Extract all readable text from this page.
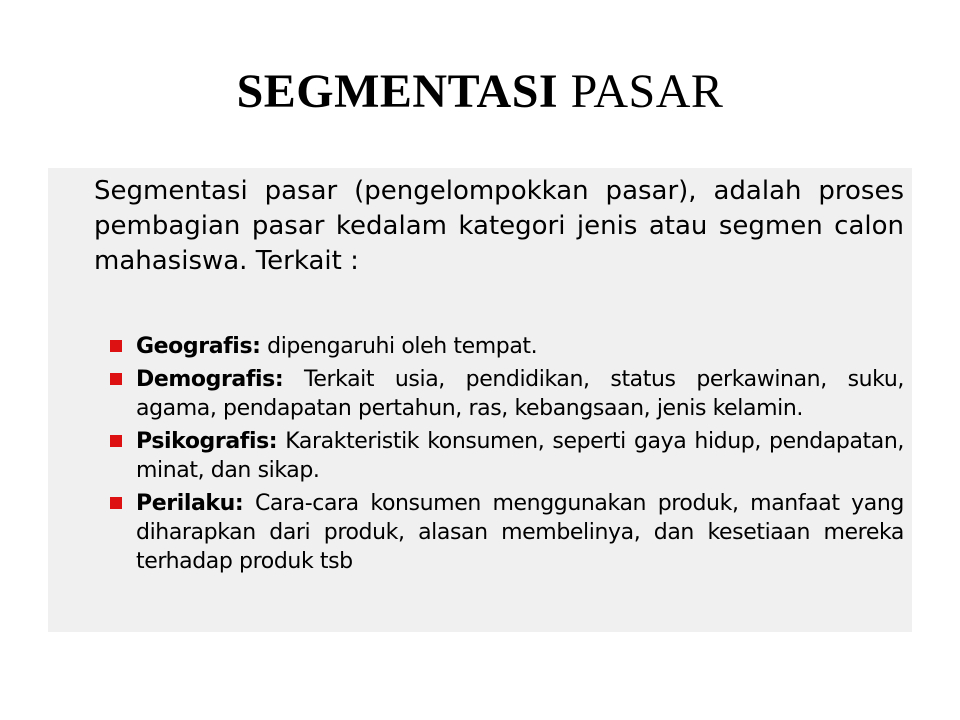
SEGMENTASI PASAR
Segmentasi pasar (pengelompokkan pasar), adalah proses pembagian pasar kedalam kategori jenis atau segmen calon mahasiswa. Terkait :
Geografis: dipengaruhi oleh tempat.
Demografis: Terkait usia, pendidikan, status perkawinan, suku, agama, pendapatan pertahun, ras, kebangsaan, jenis kelamin.
Psikografis: Karakteristik konsumen, seperti gaya hidup, pendapatan, minat, dan sikap.
Perilaku: Cara-cara konsumen menggunakan produk, manfaat yang diharapkan dari produk, alasan membelinya, dan kesetiaan mereka terhadap produk tsb
